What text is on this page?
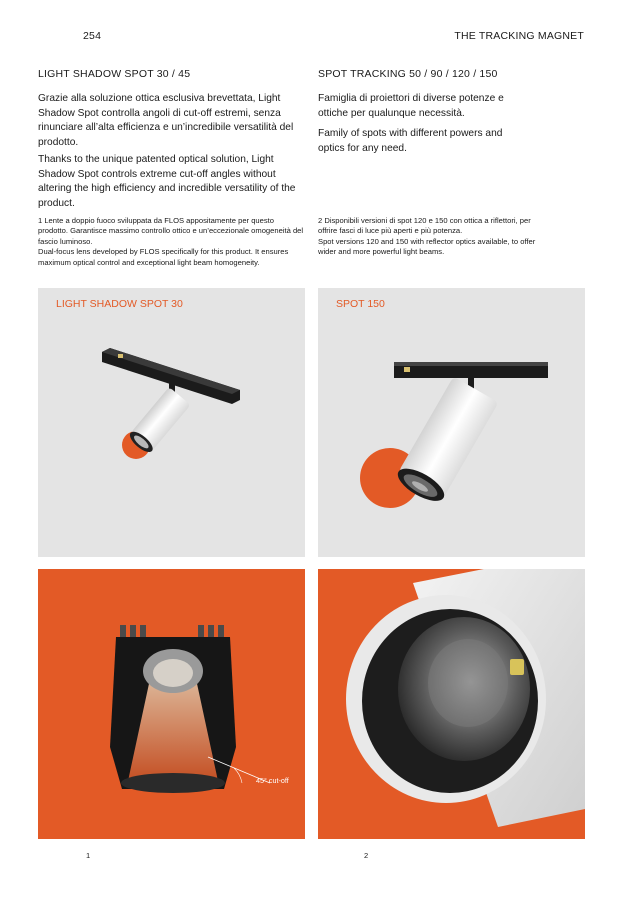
254	THE TRACKING MAGNET
LIGHT SHADOW SPOT 30 / 45
Grazie alla soluzione ottica esclusiva brevettata, Light Shadow Spot controlla angoli di cut-off estremi, senza rinunciare all’alta efficienza e un’incredibile versatilità del prodotto.
Thanks to the unique patented optical solution, Light Shadow Spot controls extreme cut-off angles without altering the high efficiency and incredible versatility of the product.
1 Lente a doppio fuoco sviluppata da FLOS appositamente per questo prodotto. Garantisce massimo controllo ottico e un’eccezionale omogeneità del fascio luminoso.
Dual-focus lens developed by FLOS specifically for this product. It ensures maximum optical control and exceptional light beam homogeneity.
SPOT TRACKING 50 / 90 / 120 / 150
Famiglia di proiettori di diverse potenze e ottiche per qualunque necessità.
Family of spots with different powers and optics for any need.
2 Disponibili versioni di spot 120 e 150 con ottica a riflettori, per offrire fasci di luce più aperti e più potenza.
Spot versions 120 and 150 with reflector optics available, to offer wider and more powerful light beams.
LIGHT SHADOW SPOT 30	SPOT 150
45° cut-off
1	2
